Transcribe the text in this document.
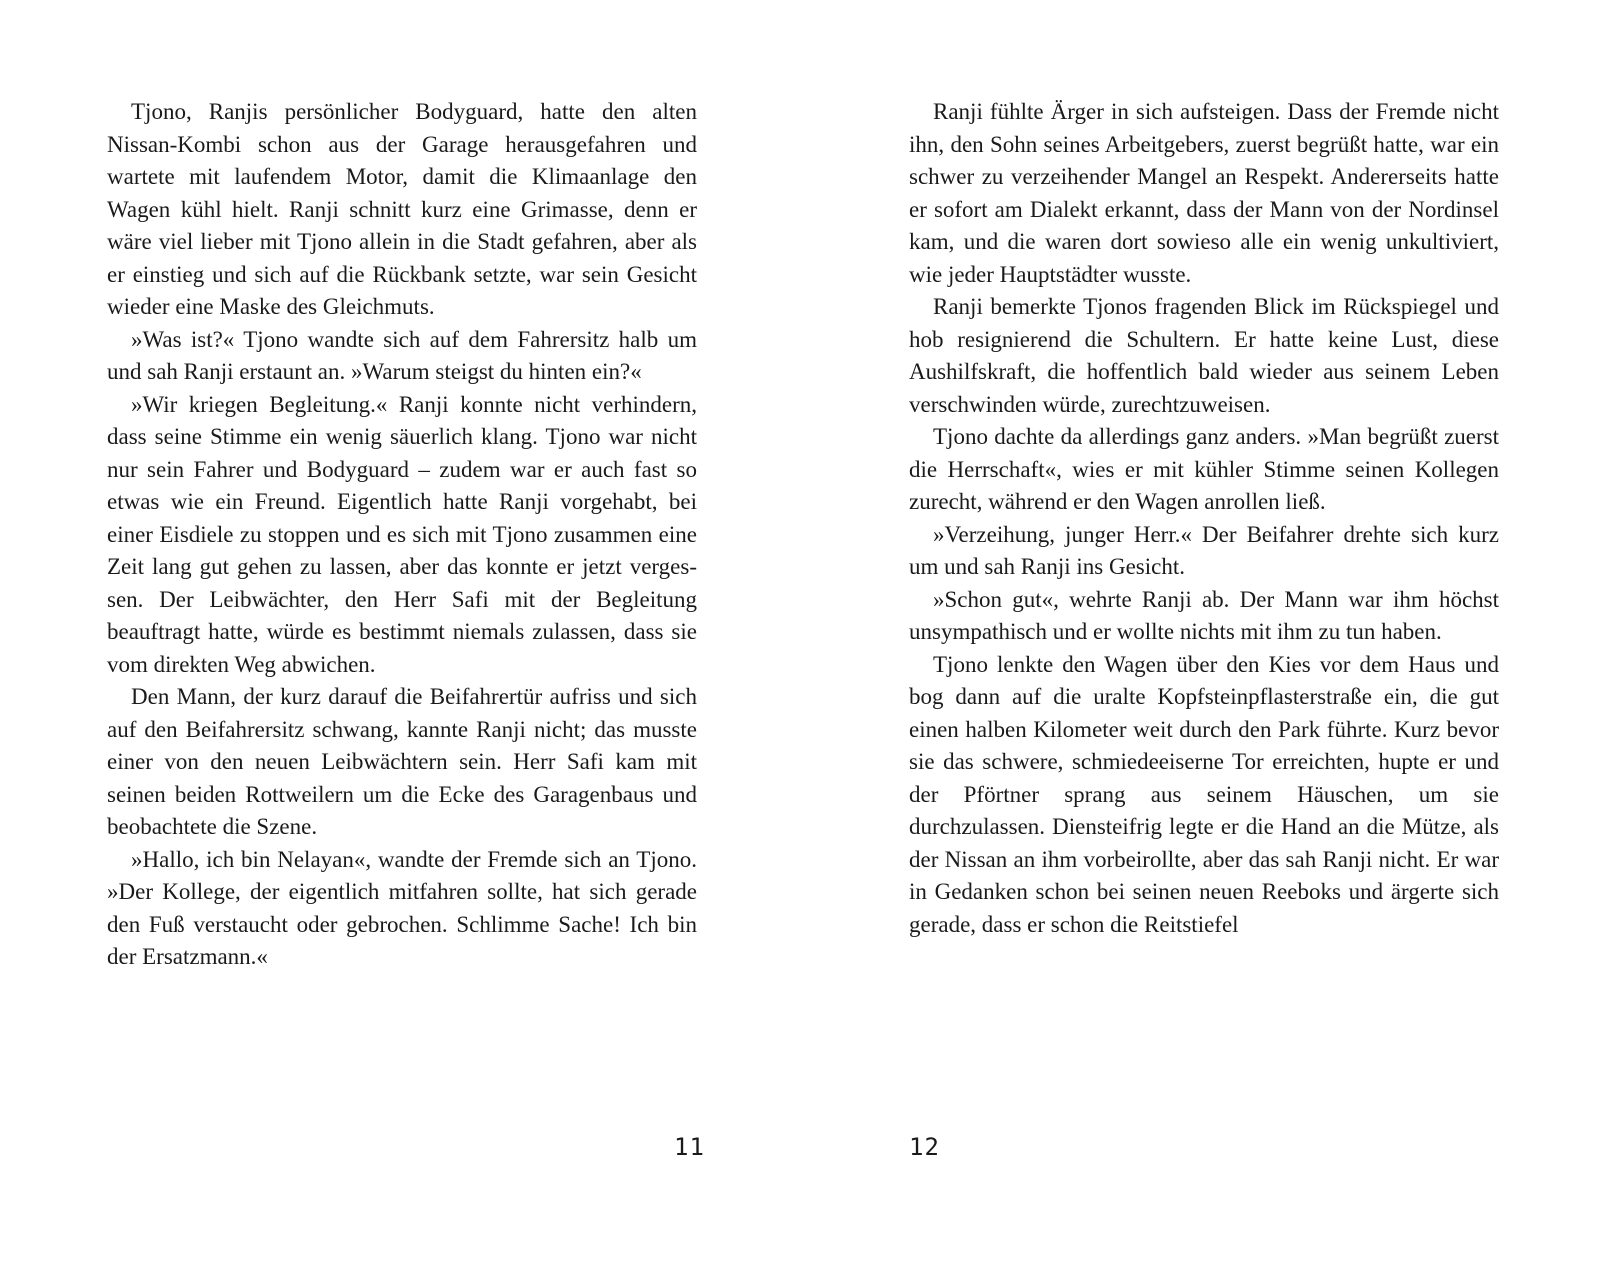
Tjono, Ranjis persönlicher Bodyguard, hatte den alten Nissan-Kombi schon aus der Garage herausgefahren und wartete mit laufendem Motor, damit die Klimaanlage den Wagen kühl hielt. Ranji schnitt kurz eine Grimasse, denn er wäre viel lieber mit Tjono allein in die Stadt gefahren, aber als er einstieg und sich auf die Rückbank setzte, war sein Gesicht wieder eine Maske des Gleichmuts.

»Was ist?« Tjono wandte sich auf dem Fahrersitz halb um und sah Ranji erstaunt an. »Warum steigst du hinten ein?«

»Wir kriegen Begleitung.« Ranji konnte nicht verhindern, dass seine Stimme ein wenig säuerlich klang. Tjono war nicht nur sein Fahrer und Bodyguard – zudem war er auch fast so etwas wie ein Freund. Eigentlich hatte Ranji vorgehabt, bei einer Eisdiele zu stoppen und es sich mit Tjono zusammen eine Zeit lang gut gehen zu lassen, aber das konnte er jetzt vergessen. Der Leibwächter, den Herr Safi mit der Begleitung beauftragt hatte, würde es bestimmt niemals zulassen, dass sie vom direkten Weg abwichen.

Den Mann, der kurz darauf die Beifahrertür aufriss und sich auf den Beifahrersitz schwang, kannte Ranji nicht; das musste einer von den neuen Leibwächtern sein. Herr Safi kam mit seinen beiden Rottweilern um die Ecke des Garagenbaus und beobachtete die Szene.

»Hallo, ich bin Nelayan«, wandte der Fremde sich an Tjono. »Der Kollege, der eigentlich mitfahren sollte, hat sich gerade den Fuß verstaucht oder gebrochen. Schlimme Sache! Ich bin der Ersatzmann.«

Ranji fühlte Ärger in sich aufsteigen. Dass der Fremde nicht ihn, den Sohn seines Arbeitgebers, zuerst begrüßt hatte, war ein schwer zu verzeihender Mangel an Respekt. Andererseits hatte er sofort am Dialekt erkannt, dass der Mann von der Nordinsel kam, und die waren dort sowieso alle ein wenig unkultiviert, wie jeder Hauptstädter wusste.

Ranji bemerkte Tjonos fragenden Blick im Rückspiegel und hob resignierend die Schultern. Er hatte keine Lust, diese Aushilfskraft, die hoffentlich bald wieder aus seinem Leben verschwinden würde, zurechtzuweisen.

Tjono dachte da allerdings ganz anders. »Man begrüßt zuerst die Herrschaft«, wies er mit kühler Stimme seinen Kollegen zurecht, während er den Wagen anrollen ließ.

»Verzeihung, junger Herr.« Der Beifahrer drehte sich kurz um und sah Ranji ins Gesicht.

»Schon gut«, wehrte Ranji ab. Der Mann war ihm höchst unsympathisch und er wollte nichts mit ihm zu tun haben.

Tjono lenkte den Wagen über den Kies vor dem Haus und bog dann auf die uralte Kopfsteinpflasterstraße ein, die gut einen halben Kilometer weit durch den Park führte. Kurz bevor sie das schwere, schmiedeeiserne Tor erreichten, hupte er und der Pförtner sprang aus seinem Häuschen, um sie durchzulassen. Diensteifrig legte er die Hand an die Mütze, als der Nissan an ihm vorbeirollte, aber das sah Ranji nicht. Er war in Gedanken schon bei seinen neuen Reeboks und ärgerte sich gerade, dass er schon die Reitstiefel

11	12
